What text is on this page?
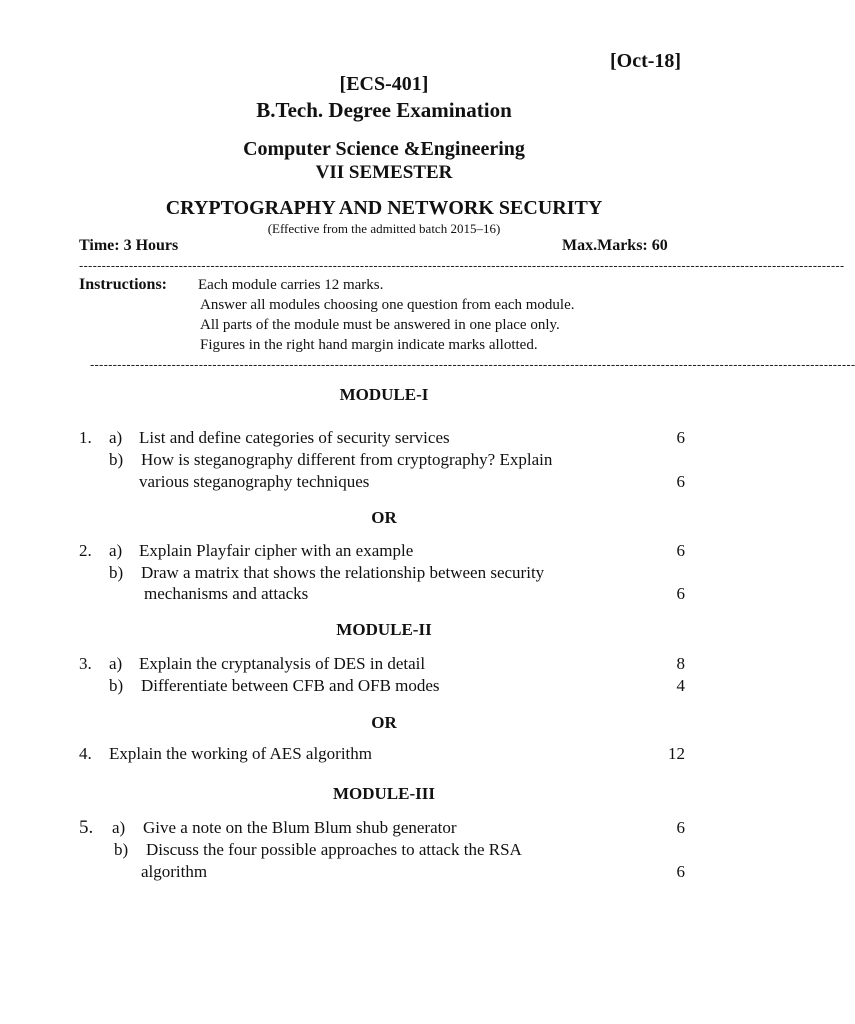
[Oct-18]
[ECS-401]
B.Tech. Degree Examination
Computer Science &Engineering
VII SEMESTER
CRYPTOGRAPHY AND NETWORK SECURITY
(Effective from the admitted batch 2015–16)
Time: 3 Hours	Max.Marks: 60
-------------------------------------------------------------------------------------------------------------------------------------------------------------------------
Instructions: Each module carries 12 marks.
Answer all modules choosing one question from each module.
All parts of the module must be answered in one place only.
Figures in the right hand margin indicate marks allotted.
-------------------------------------------------------------------------------------------------------------------------------------------------------------------------
MODULE-I
1. a) List and define categories of security services	6
b) How is steganography different from cryptography? Explain
various steganography techniques	6
OR
2. a) Explain Playfair cipher with an example	6
b) Draw a matrix that shows the relationship between security
mechanisms and attacks	6
MODULE-II
3. a) Explain the cryptanalysis of DES in detail	8
b) Differentiate between CFB and OFB modes	4
OR
4. Explain the working of AES algorithm	12
MODULE-III
5. a) Give a note on the Blum Blum shub generator	6
b) Discuss the four possible approaches to attack the RSA
algorithm	6
